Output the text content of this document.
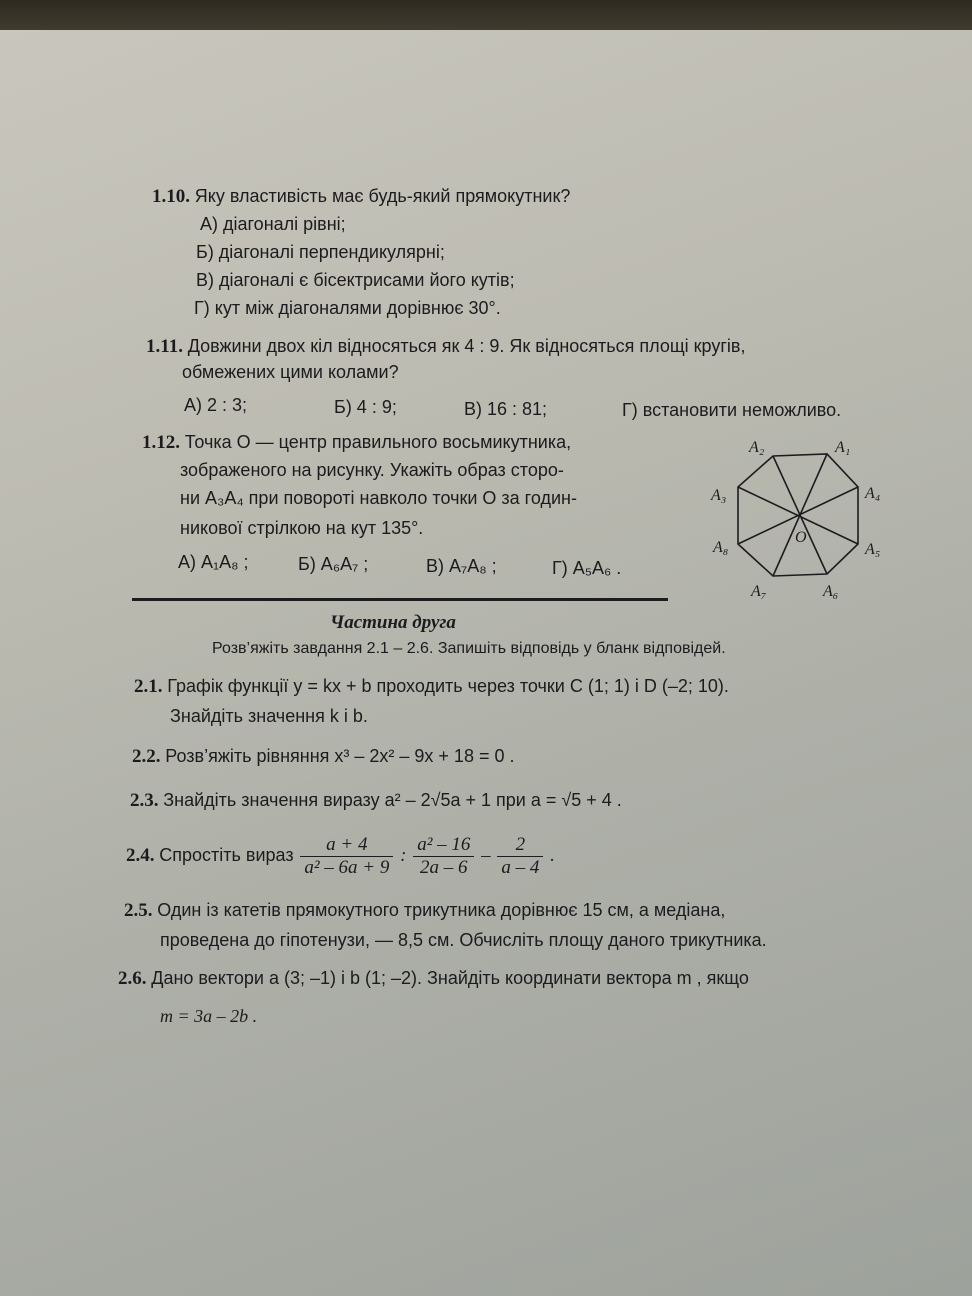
1.10. Яку властивість має будь-який прямокутник?
А) діагоналі рівні;
Б) діагоналі перпендикулярні;
В) діагоналі є бісектрисами його кутів;
Г) кут між діагоналями дорівнює 30°.
1.11. Довжини двох кіл відносяться як 4 : 9. Як відносяться площі кругів,
обмежених цими колами?
А) 2 : 3;	Б) 4 : 9;	В) 16 : 81;	Г) встановити неможливо.
1.12. Точка O — центр правильного восьмикутника,
зображеного на рисунку. Укажіть образ сторо-
ни A₃A₄ при повороті навколо точки O за годин-
никової стрілкою на кут 135°.
А) A₁A₈ ;	Б) A₆A₇ ;	В) A₇A₈ ;	Г) A₅A₆ .
A₂	A₁
A₃	A₄
A₈	A₅
A₇	A₆
O
Частина друга
Розв’яжіть завдання 2.1 – 2.6. Запишіть відповідь у бланк відповідей.
2.1. Графік функції y = kx + b проходить через точки C (1; 1) і D (–2; 10).
Знайдіть значення k і b.
2.2. Розв’яжіть рівняння x³ – 2x² – 9x + 18 = 0 .
2.3. Знайдіть значення виразу a² – 2√5a + 1 при a = √5 + 4 .
2.4. Спростіть вираз $\frac{a + 4}{\text{a² – 6a + 9}}$ : $\frac{\text{a² – 16}}{2a - 6} - \frac{2}{a - 4}$ .
2.5. Один із катетів прямокутного трикутника дорівнює 15 см, а медіана,
проведена до гіпотенузи, — 8,5 см. Обчисліть площу даного трикутника.
2.6. Дано вектори a (3; –1) і b (1; –2). Знайдіть координати вектора m , якщо
m = 3a – 2b .
